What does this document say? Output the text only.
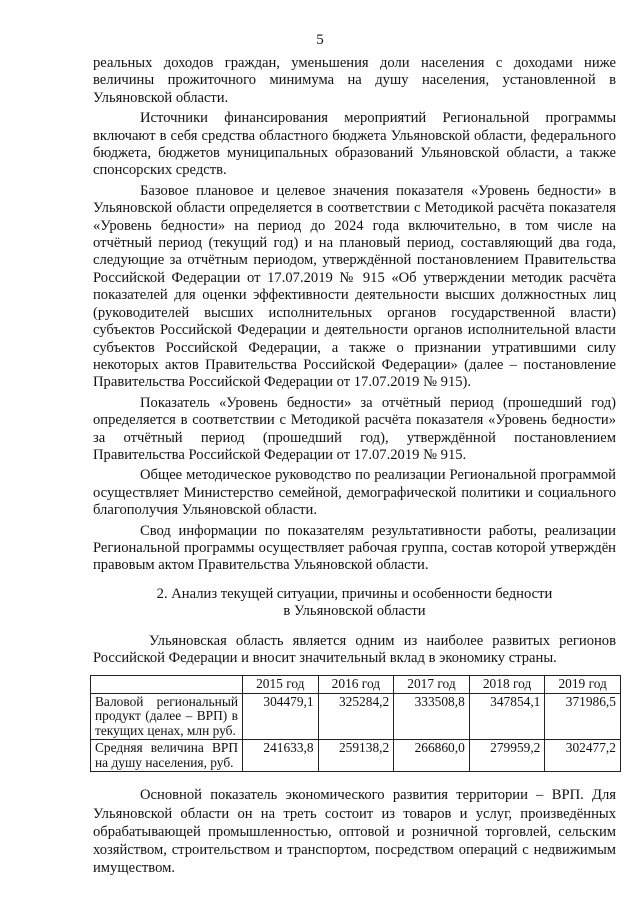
5

реальных доходов граждан, уменьшения доли населения с доходами ниже величины прожиточного минимума на душу населения, установленной в Ульяновской области.

Источники финансирования мероприятий Региональной программы включают в себя средства областного бюджета Ульяновской области, федерального бюджета, бюджетов муниципальных образований Ульяновской области, а также спонсорских средств.

Базовое плановое и целевое значения показателя «Уровень бедности» в Ульяновской области определяется в соответствии с Методикой расчёта показателя «Уровень бедности» на период до 2024 года включительно, в том числе на отчётный период (текущий год) и на плановый период, составляющий два года, следующие за отчётным периодом, утверждённой постановлением Правительства Российской Федерации от 17.07.2019 № 915 «Об утверждении методик расчёта показателей для оценки эффективности деятельности высших должностных лиц (руководителей высших исполнительных органов государственной власти) субъектов Российской Федерации и деятельности органов исполнительной власти субъектов Российской Федерации, а также о признании утратившими силу некоторых актов Правительства Российской Федерации» (далее – постановление Правительства Российской Федерации от 17.07.2019 № 915).

Показатель «Уровень бедности» за отчётный период (прошедший год) определяется в соответствии с Методикой расчёта показателя «Уровень бедности» за отчётный период (прошедший год), утверждённой постановлением Правительства Российской Федерации от 17.07.2019 № 915.

Общее методическое руководство по реализации Региональной программой осуществляет Министерство семейной, демографической политики и социального благополучия Ульяновской области.

Свод информации по показателям результативности работы, реализации Региональной программы осуществляет рабочая группа, состав которой утверждён правовым актом Правительства Ульяновской области.

2. Анализ текущей ситуации, причины и особенности бедности
в Ульяновской области

Ульяновская область является одним из наиболее развитых регионов Российской Федерации и вносит значительный вклад в экономику страны.

	2015 год	2016 год	2017 год	2018 год	2019 год
Валовой региональный продукт (далее – ВРП) в текущих ценах, млн руб.	304479,1	325284,2	333508,8	347854,1	371986,5
Средняя величина ВРП на душу населения, руб.	241633,8	259138,2	266860,0	279959,2	302477,2

Основной показатель экономического развития территории – ВРП. Для Ульяновской области он на треть состоит из товаров и услуг, произведённых обрабатывающей промышленностью, оптовой и розничной торговлей, сельским хозяйством, строительством и транспортом, посредством операций с недвижимым имуществом.
